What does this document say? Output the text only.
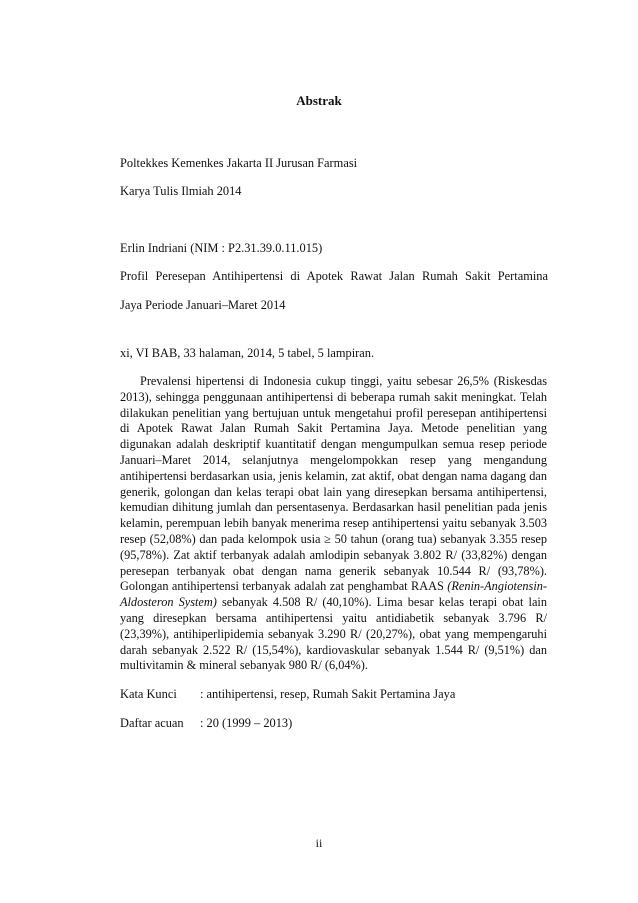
Abstrak
Poltekkes Kemenkes Jakarta II Jurusan Farmasi
Karya Tulis Ilmiah 2014
Erlin Indriani (NIM : P2.31.39.0.11.015)
Profil Peresepan Antihipertensi di Apotek Rawat Jalan Rumah Sakit Pertamina
Jaya Periode Januari–Maret 2014
xi, VI BAB, 33 halaman, 2014, 5 tabel, 5 lampiran.

Prevalensi hipertensi di Indonesia cukup tinggi, yaitu sebesar 26,5% (Riskesdas 2013), sehingga penggunaan antihipertensi di beberapa rumah sakit meningkat. Telah dilakukan penelitian yang bertujuan untuk mengetahui profil peresepan antihipertensi di Apotek Rawat Jalan Rumah Sakit Pertamina Jaya. Metode penelitian yang digunakan adalah deskriptif kuantitatif dengan mengumpulkan semua resep periode Januari–Maret 2014, selanjutnya mengelompokkan resep yang mengandung antihipertensi berdasarkan usia, jenis kelamin, zat aktif, obat dengan nama dagang dan generik, golongan dan kelas terapi obat lain yang diresepkan bersama antihipertensi, kemudian dihitung jumlah dan persentasenya. Berdasarkan hasil penelitian pada jenis kelamin, perempuan lebih banyak menerima resep antihipertensi yaitu sebanyak 3.503 resep (52,08%) dan pada kelompok usia ≥ 50 tahun (orang tua) sebanyak 3.355 resep (95,78%). Zat aktif terbanyak adalah amlodipin sebanyak 3.802 R/ (33,82%) dengan peresepan terbanyak obat dengan nama generik sebanyak 10.544 R/ (93,78%). Golongan antihipertensi terbanyak adalah zat penghambat RAAS (Renin-Angiotensin-Aldosteron System) sebanyak 4.508 R/ (40,10%). Lima besar kelas terapi obat lain yang diresepkan bersama antihipertensi yaitu antidiabetik sebanyak 3.796 R/ (23,39%), antihiperlipidemia sebanyak 3.290 R/ (20,27%), obat yang mempengaruhi darah sebanyak 2.522 R/ (15,54%), kardiovaskular sebanyak 1.544 R/ (9,51%) dan multivitamin & mineral sebanyak 980 R/ (6,04%).

Kata Kunci : antihipertensi, resep, Rumah Sakit Pertamina Jaya
Daftar acuan : 20 (1999 – 2013)
ii
